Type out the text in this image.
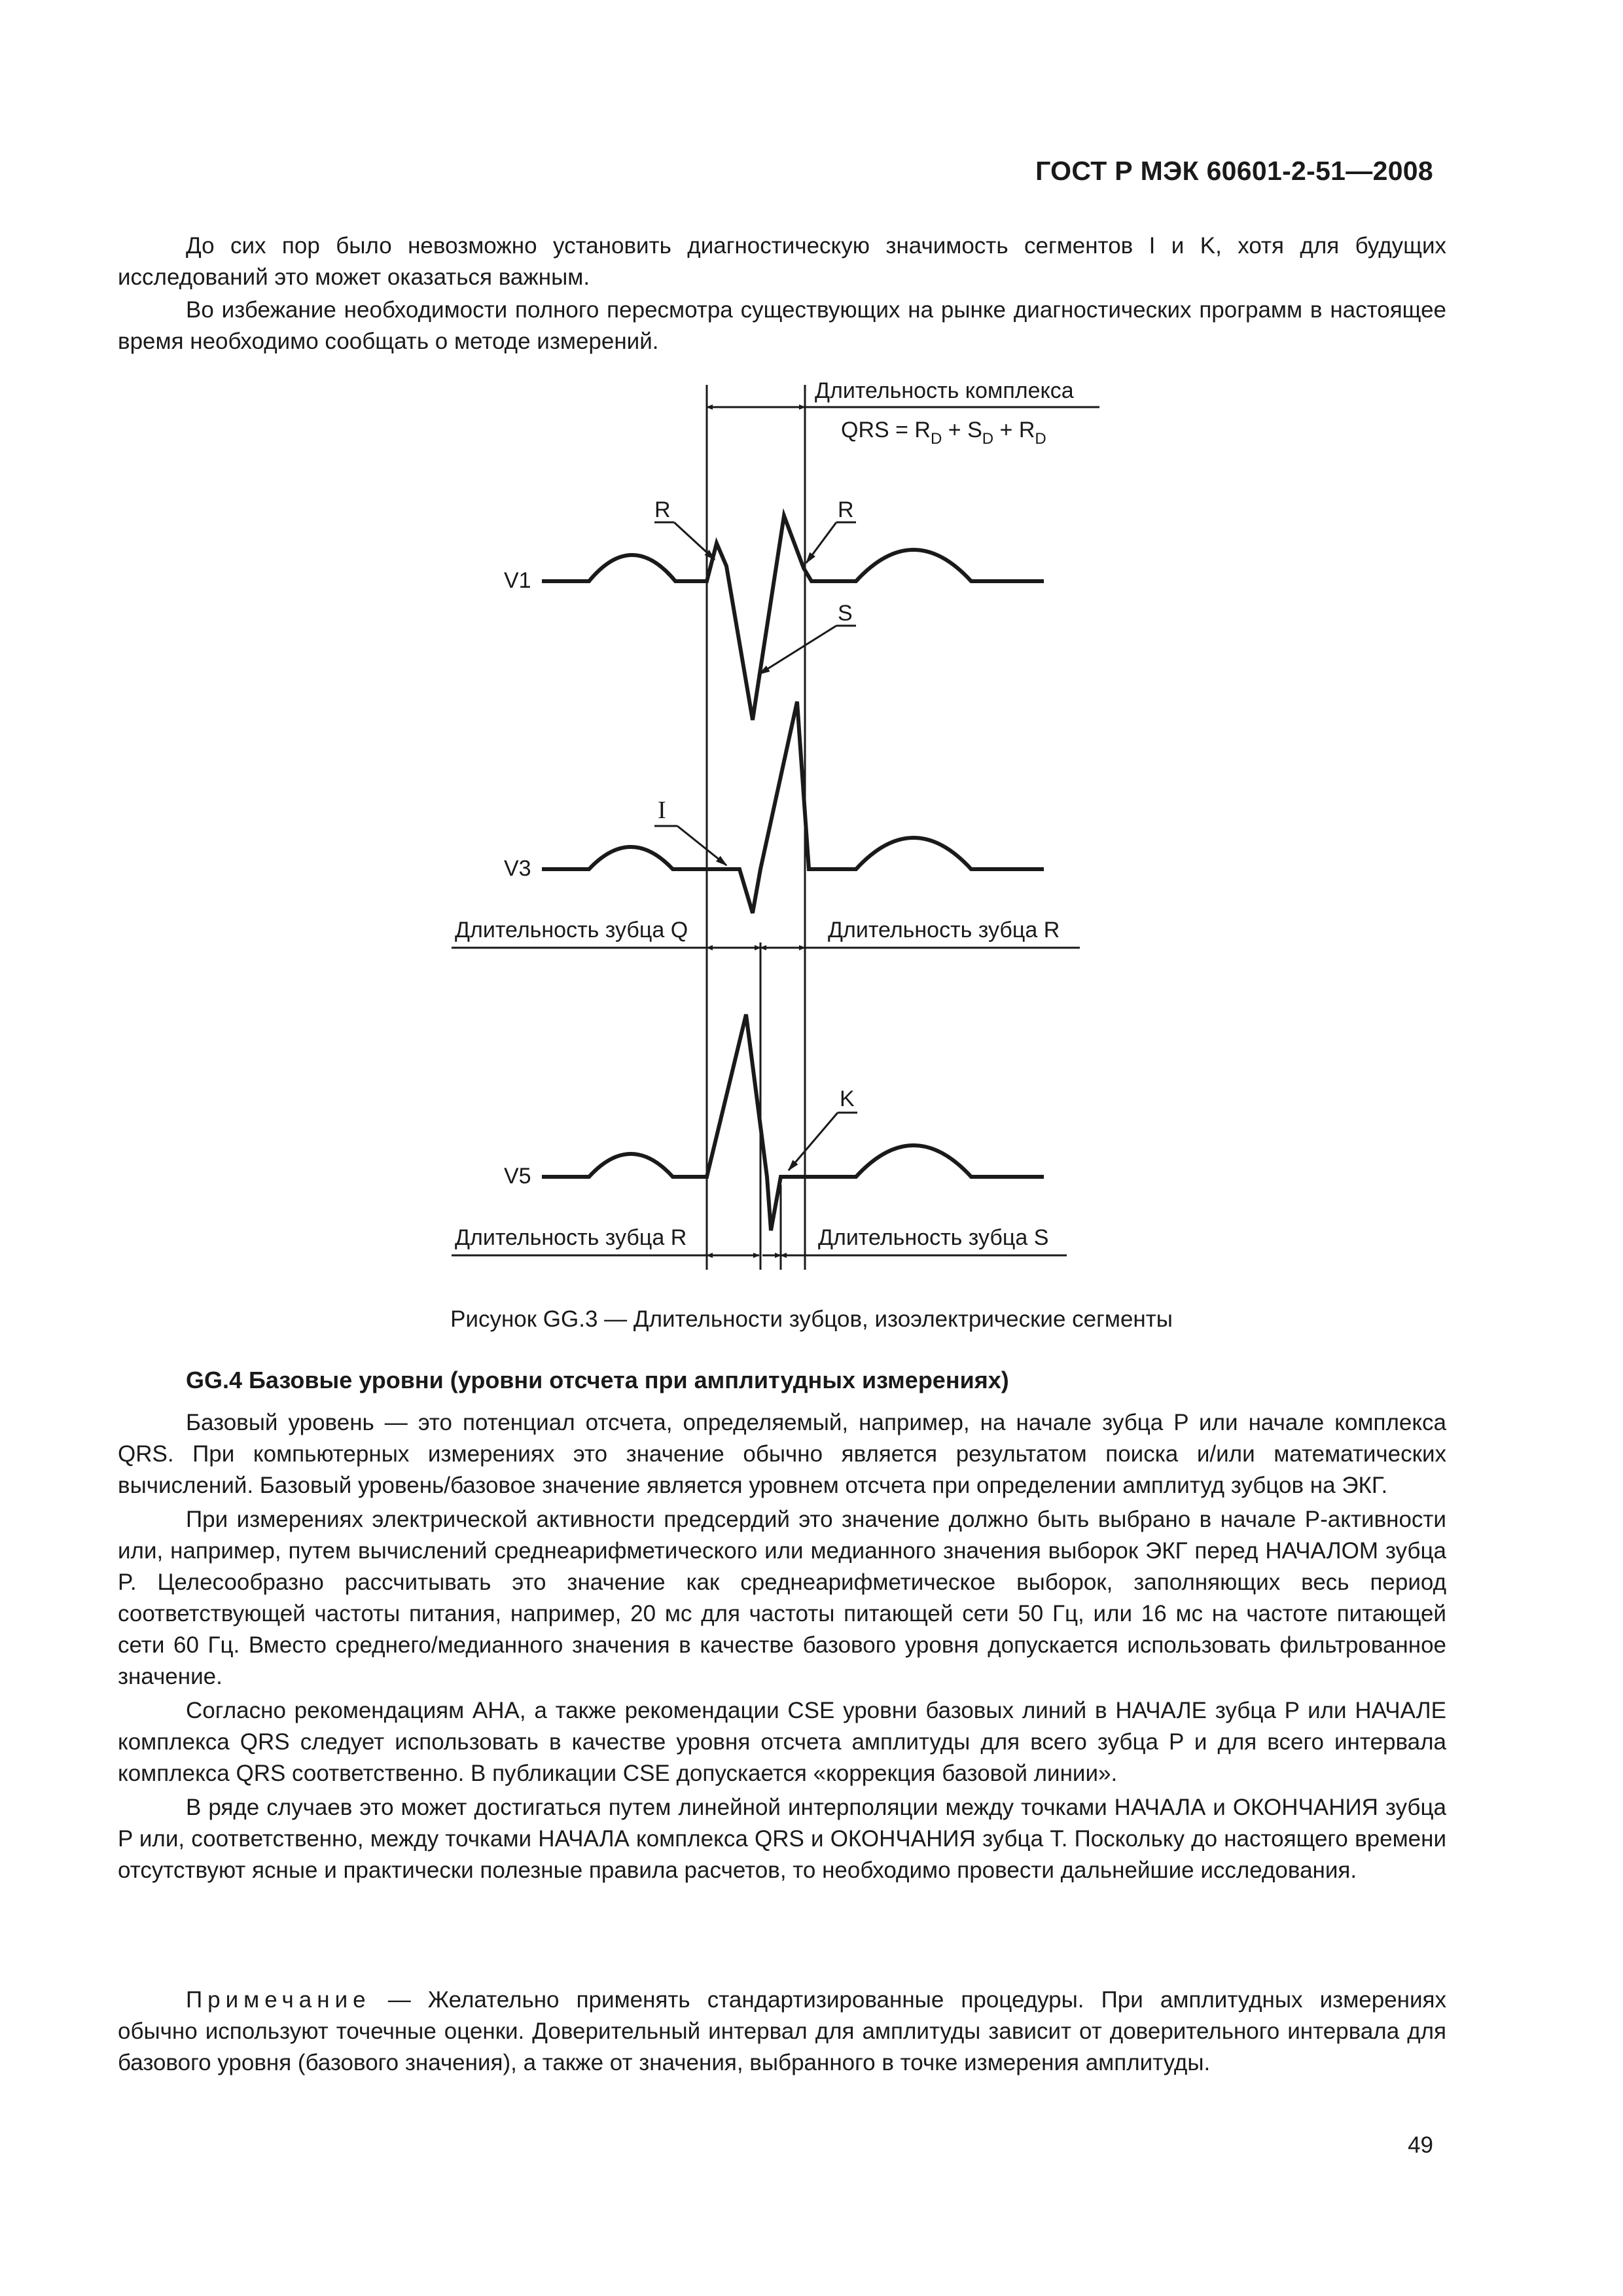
ГОСТ Р МЭК 60601-2-51—2008

До сих пор было невозможно установить диагностическую значимость сегментов I и K, хотя для будущих исследований это может оказаться важным.

Во избежание необходимости полного пересмотра существующих на рынке диагностических программ в настоящее время необходимо сообщать о методе измерений.

Длительность комплекса
QRS = $R_D + S_D + R_D$
V1
R	R
S
V3
I
Длительность зубца Q	Длительность зубца R
V5
K
Длительность зубца R	Длительность зубца S
Рисунок GG.3 — Длительности зубцов, изоэлектрические сегменты
GG.4 Базовые уровни (уровни отсчета при амплитудных измерениях)

Базовый уровень — это потенциал отсчета, определяемый, например, на начале зубца P или начале комплекса QRS. При компьютерных измерениях это значение обычно является результатом поиска и/или математических вычислений. Базовый уровень/базовое значение является уровнем отсчета при определении амплитуд зубцов на ЭКГ.

При измерениях электрической активности предсердий это значение должно быть выбрано в начале P-активности или, например, путем вычислений среднеарифметического или медианного значения выборок ЭКГ перед НАЧАЛОМ зубца P. Целесообразно рассчитывать это значение как среднеарифметическое выборок, заполняющих весь период соответствующей частоты питания, например, 20 мс для частоты питающей сети 50 Гц, или 16 мс на частоте питающей сети 60 Гц. Вместо среднего/медианного значения в качестве базового уровня допускается использовать фильтрованное значение.

Согласно рекомендациям АНА, а также рекомендации CSE уровни базовых линий в НАЧАЛЕ зубца P или НАЧАЛЕ комплекса QRS следует использовать в качестве уровня отсчета амплитуды для всего зубца P и для всего интервала комплекса QRS соответственно. В публикации CSE допускается «коррекция базовой линии».

В ряде случаев это может достигаться путем линейной интерполяции между точками НАЧАЛА и ОКОНЧАНИЯ зубца P или, соответственно, между точками НАЧАЛА комплекса QRS и ОКОНЧАНИЯ зубца T. Поскольку до настоящего времени отсутствуют ясные и практически полезные правила расчетов, то необходимо провести дальнейшие исследования.

Примечание — Желательно применять стандартизированные процедуры. При амплитудных измерениях обычно используют точечные оценки. Доверительный интервал для амплитуды зависит от доверительного интервала для базового уровня (базового значения), а также от значения, выбранного в точке измерения амплитуды.
49
